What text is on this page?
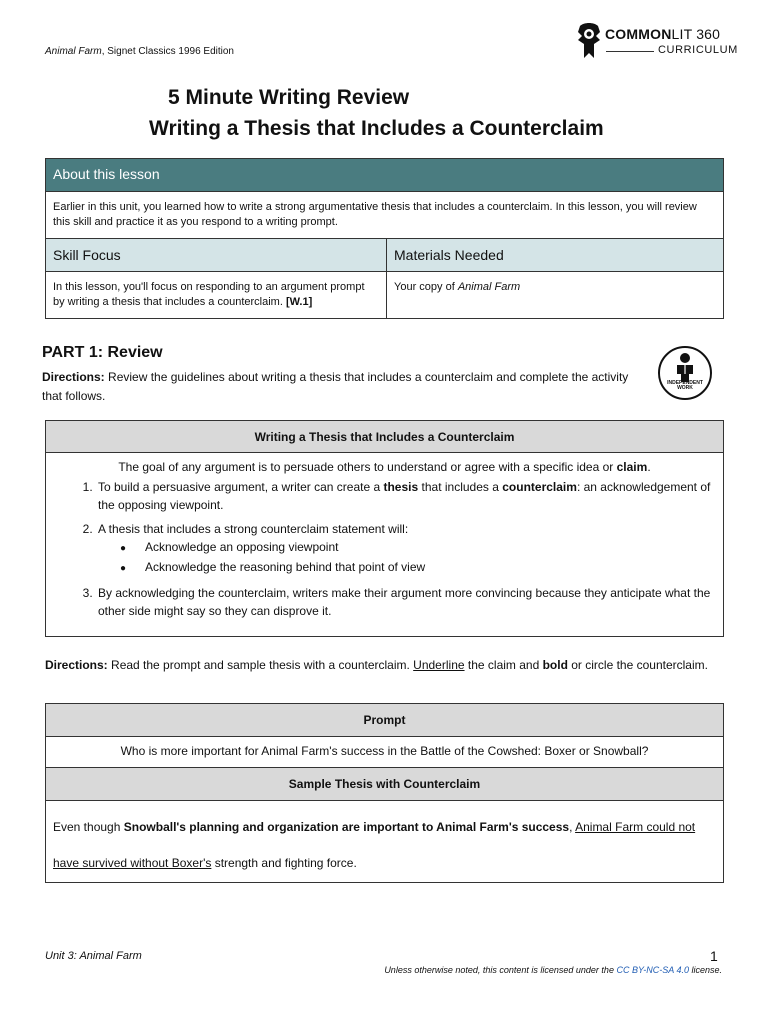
Animal Farm, Signet Classics 1996 Edition
COMMONLIT 360
CURRICULUM
5 Minute Writing Review
Writing a Thesis that Includes a Counterclaim
About this lesson	
Earlier in this unit, you learned how to write a strong argumentative thesis that includes a counterclaim. In this lesson, you will review this skill and practice it as you respond to a writing prompt.	
Skill Focus	Materials Needed
In this lesson, you'll focus on responding to an argument prompt by writing a thesis that includes a counterclaim. [W.1]	Your copy of Animal Farm
PART 1: Review
Directions: Review the guidelines about writing a thesis that includes a counterclaim and complete the activity that follows.
INDEPENDENT
WORK
Writing a Thesis that Includes a Counterclaim
The goal of any argument is to persuade others to understand or agree with a specific idea or claim.
1. To build a persuasive argument, a writer can create a thesis that includes a counterclaim: an acknowledgement of the opposing viewpoint.
2. A thesis that includes a strong counterclaim statement will:
● Acknowledge an opposing viewpoint
● Acknowledge the reasoning behind that point of view
3. By acknowledging the counterclaim, writers make their argument more convincing because they anticipate what the other side might say so they can disprove it.
Directions: Read the prompt and sample thesis with a counterclaim. Underline the claim and bold or circle the counterclaim.
Prompt
Who is more important for Animal Farm's success in the Battle of the Cowshed: Boxer or Snowball?
Sample Thesis with Counterclaim
Even though Snowball's planning and organization are important to Animal Farm's success, Animal Farm could not have survived without Boxer's strength and fighting force.
Unit 3: Animal Farm	1
Unless otherwise noted, this content is licensed under the CC BY-NC-SA 4.0 license.
